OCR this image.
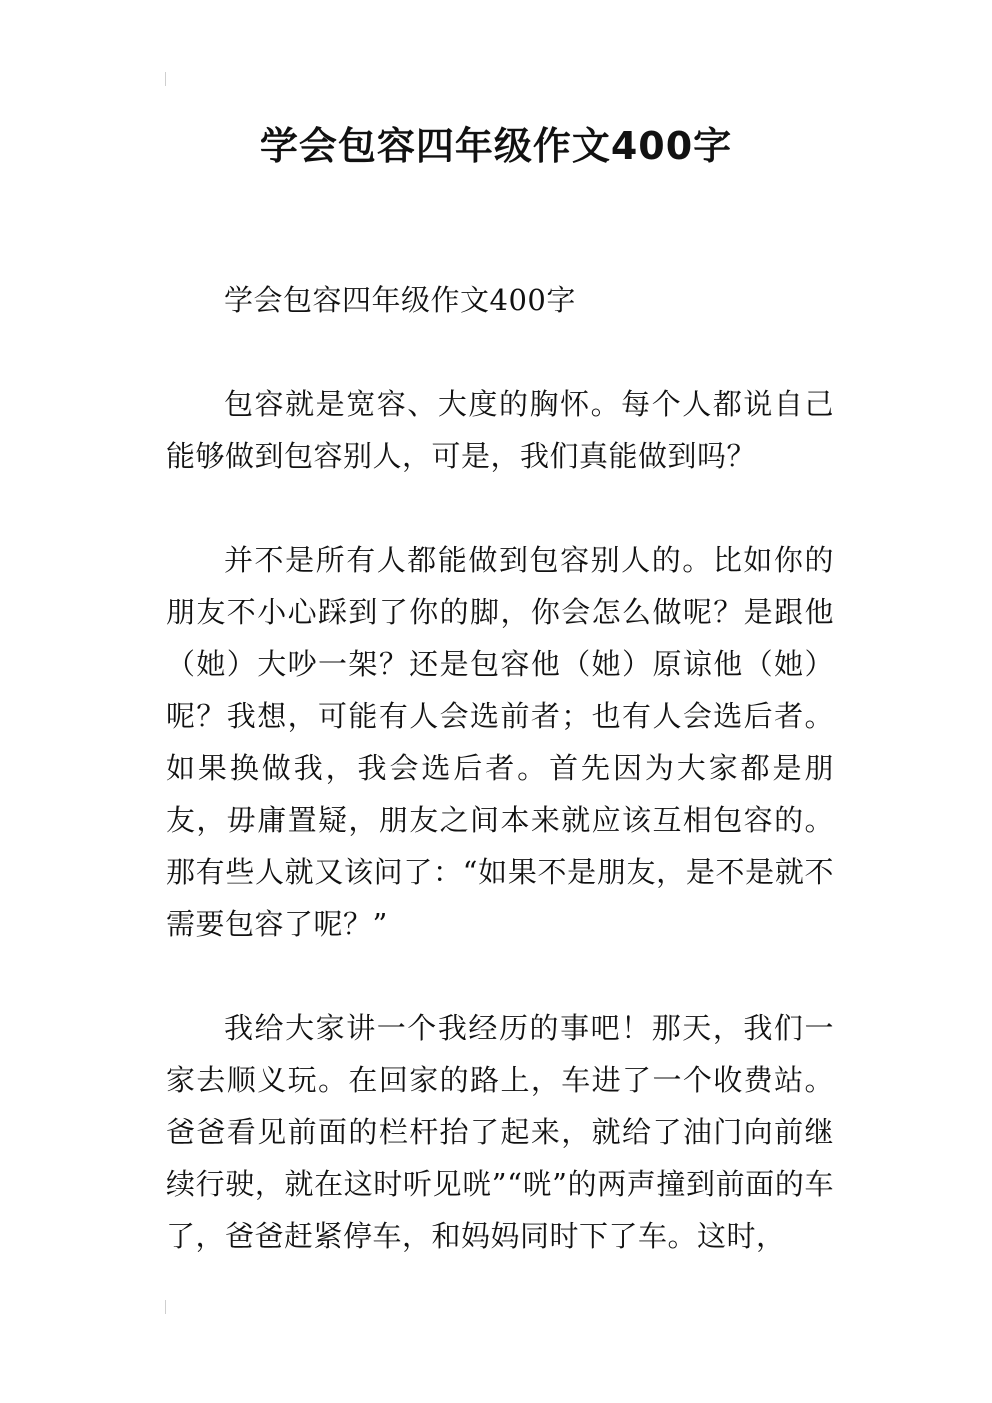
学会包容四年级作文400字

学会包容四年级作文400字

包容就是宽容、大度的胸怀。每个人都说自己能够做到包容别人，可是，我们真能做到吗？

并不是所有人都能做到包容别人的。比如你的朋友不小心踩到了你的脚，你会怎么做呢？是跟他（她）大吵一架？还是包容他（她）原谅他（她）呢？我想，可能有人会选前者；也有人会选后者。如果换做我，我会选后者。首先因为大家都是朋友，毋庸置疑，朋友之间本来就应该互相包容的。那有些人就又该问了：“如果不是朋友，是不是就不需要包容了呢？”

我给大家讲一个我经历的事吧！那天，我们一家去顺义玩。在回家的路上，车进了一个收费站。爸爸看见前面的栏杆抬了起来，就给了油门向前继续行驶，就在这时听见咣”“咣”的两声撞到前面的车了，爸爸赶紧停车，和妈妈同时下了车。这时，
